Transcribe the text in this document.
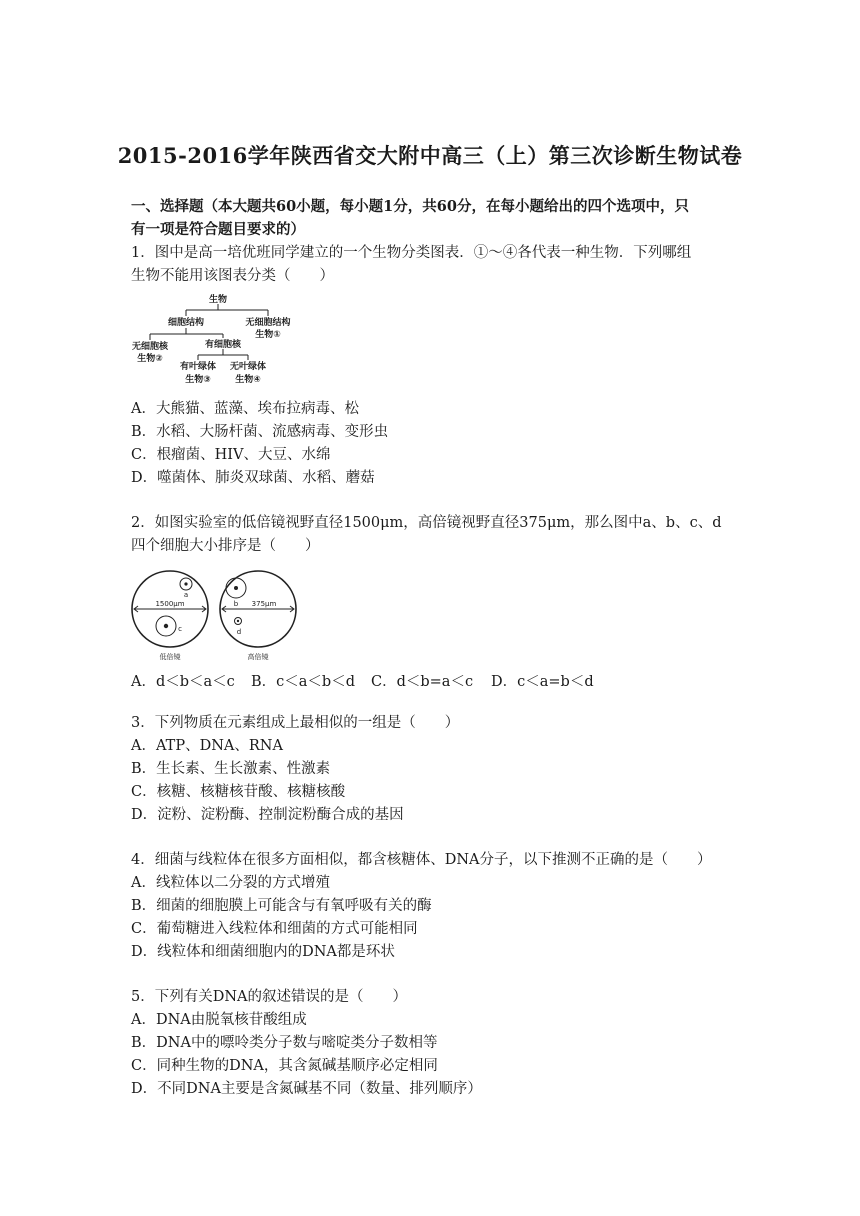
2015-2016学年陕西省交大附中高三（上）第三次诊断生物试卷
一、选择题（本大题共60小题，每小题1分，共60分，在每小题给出的四个选项中，只
有一项是符合题目要求的）
1．图中是高一培优班同学建立的一个生物分类图表．①～④各代表一种生物．下列哪组
生物不能用该图表分类（　　）
生物
细胞结构	无细胞结构
生物①
有细胞核
无细胞核
生物②
有叶绿体
生物③
无叶绿体
生物④
A．大熊猫、蓝藻、埃布拉病毒、松
B．水稻、大肠杆菌、流感病毒、变形虫
C．根瘤菌、HIV、大豆、水绵
D．噬菌体、肺炎双球菌、水稻、蘑菇
2．如图实验室的低倍镜视野直径1500μm，高倍镜视野直径375μm，那么图中a、b、c、d
四个细胞大小排序是（　　）
1500μm	375μm
a
c
b
d
低倍镜	高倍镜
A．d＜b＜a＜c B．c＜a＜b＜d C．d＜b=a＜c D．c＜a=b＜d
3．下列物质在元素组成上最相似的一组是（　　）
A．ATP、DNA、RNA
B．生长素、生长激素、性激素
C．核糖、核糖核苷酸、核糖核酸
D．淀粉、淀粉酶、控制淀粉酶合成的基因
4．细菌与线粒体在很多方面相似，都含核糖体、DNA分子，以下推测不正确的是（　　）
A．线粒体以二分裂的方式增殖
B．细菌的细胞膜上可能含与有氧呼吸有关的酶
C．葡萄糖进入线粒体和细菌的方式可能相同
D．线粒体和细菌细胞内的DNA都是环状
5．下列有关DNA的叙述错误的是（　　）
A．DNA由脱氧核苷酸组成
B．DNA中的嘌呤类分子数与嘧啶类分子数相等
C．同种生物的DNA，其含氮碱基顺序必定相同
D．不同DNA主要是含氮碱基不同（数量、排列顺序）
